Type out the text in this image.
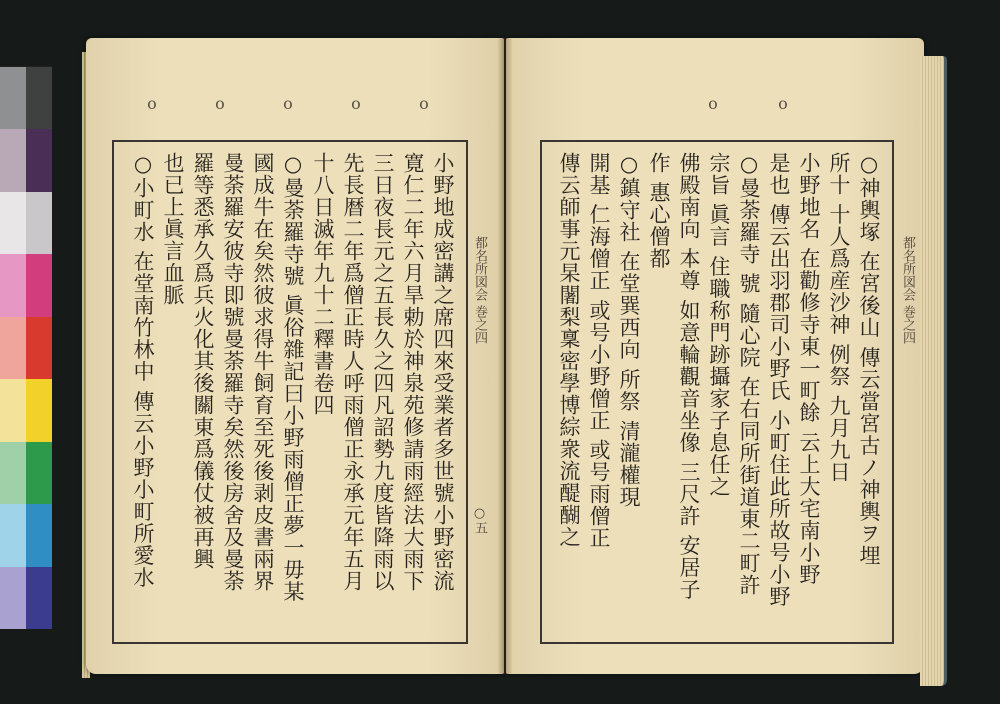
o	o	o	o	o	o	o
小野地成密講之席四來受業者多世號小野密流
寛仁二年六月旱勅於神泉苑修請雨經法大雨下
三日夜長元之五長久之四凡詔勢九度皆降雨以
先長暦二年爲僧正時人呼雨僧正永承元年五月
十八日滅年九十二釋書卷四
○曼荼羅寺號 眞俗雜記曰小野雨僧正夢一毋某
國成牛在矣然彼求得牛飼育至死後剥皮書兩界
曼荼羅安彼寺即號曼荼羅寺矣然後房舍及曼荼
羅等悉承久爲兵火化其後關東爲儀仗被再興
也已上眞言血脈
○小町水 在堂南竹林中 傳云小野小町所愛水	都名所図会 巻之四
○五	○神輿塚 在宮後山 傳云當宮古ノ神輿ヲ埋
所十 十人爲産沙神 例祭 九月九日
小野地名 在勸修寺東一町餘 云上大宅南小野
是也 傳云出羽郡司小野氏 小町住此所故号小野
○曼荼羅寺 號 隨心院 在右同所街道東二町許
宗旨 眞言 住職称門跡攝家子息任之
佛殿南向 本尊 如意輪觀音坐像 三尺許 安居子
作 惠心僧都
○鎮守社 在堂巽西向 所祭 清瀧權現
開基 仁海僧正 或号小野僧正 或号雨僧正
傳云師事元杲闍梨稟密學博綜衆流醍醐之	都名所図会 巻之四
